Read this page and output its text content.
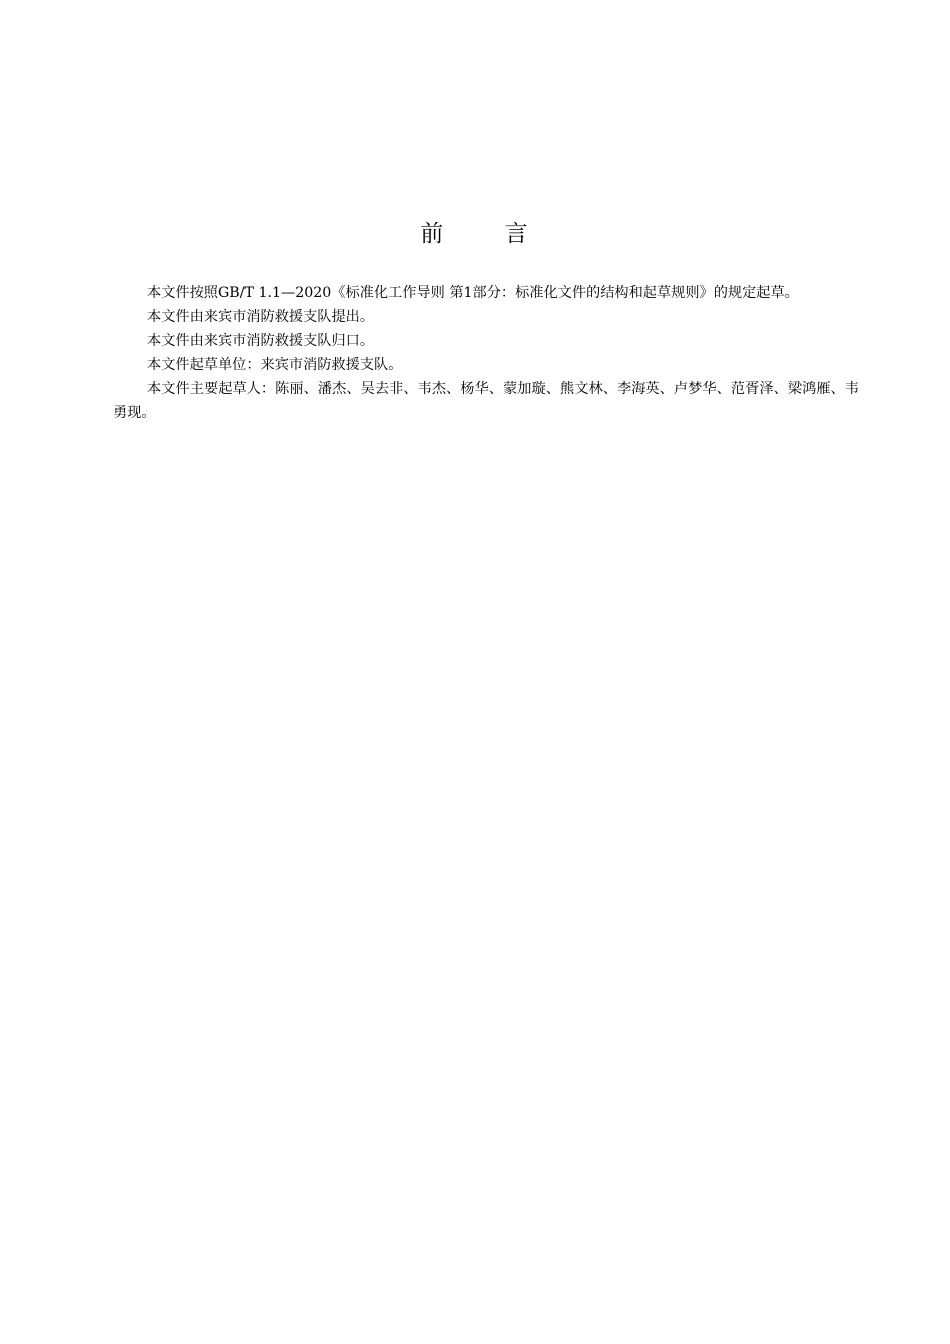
前 言

本文件按照GB/T 1.1—2020《标准化工作导则 第1部分：标准化文件的结构和起草规则》的规定起草。

本文件由来宾市消防救援支队提出。

本文件由来宾市消防救援支队归口。

本文件起草单位：来宾市消防救援支队。

本文件主要起草人：陈丽、潘杰、吴去非、韦杰、杨华、蒙加璇、熊文林、李海英、卢梦华、范胥泽、梁鸿雁、韦勇现。
